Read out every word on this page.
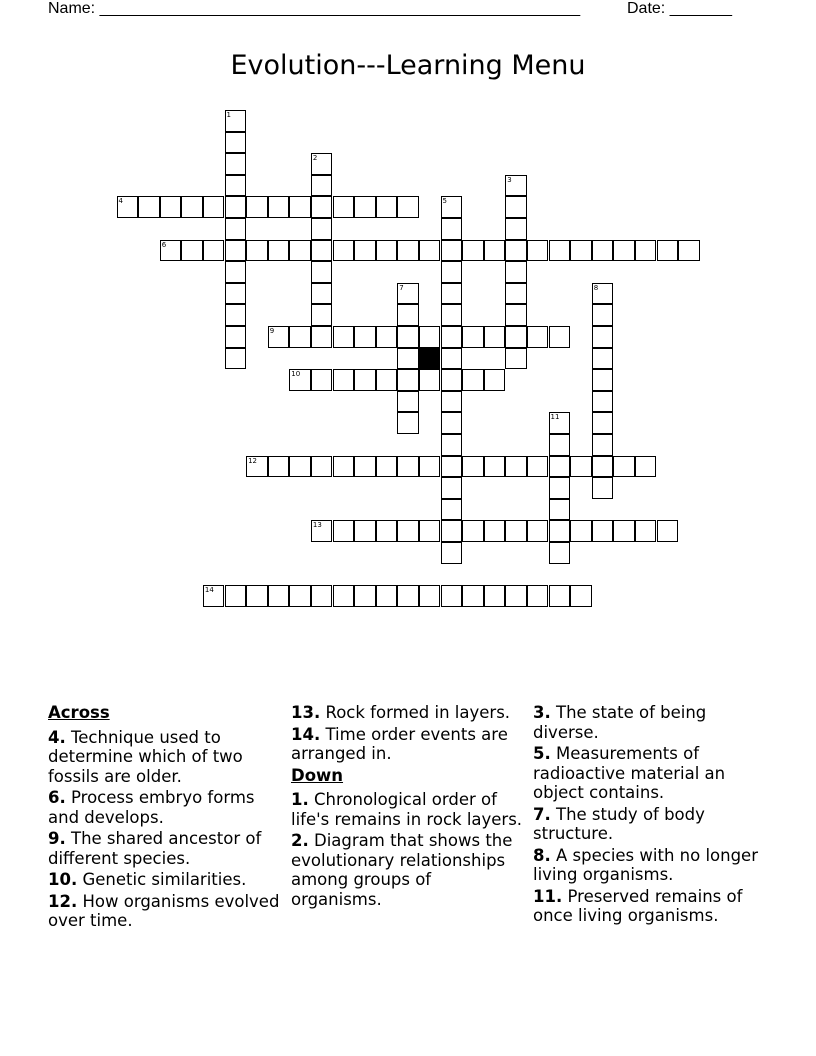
Name: ______________________________________________________	Date: _______
Evolution---Learning Menu
1
2
3
4	5
6
7	8
9
10
11
12
13
14
Across
4. Technique used to determine which of two fossils are older.
6. Process embryo forms and develops.
9. The shared ancestor of different species.
10. Genetic similarities.
12. How organisms evolved over time.
13. Rock formed in layers.
14. Time order events are arranged in.
Down
1. Chronological order of life's remains in rock layers.
2. Diagram that shows the evolutionary relationships among groups of organisms.
3. The state of being diverse.
5. Measurements of radioactive material an object contains.
7. The study of body structure.
8. A species with no longer living organisms.
11. Preserved remains of once living organisms.
